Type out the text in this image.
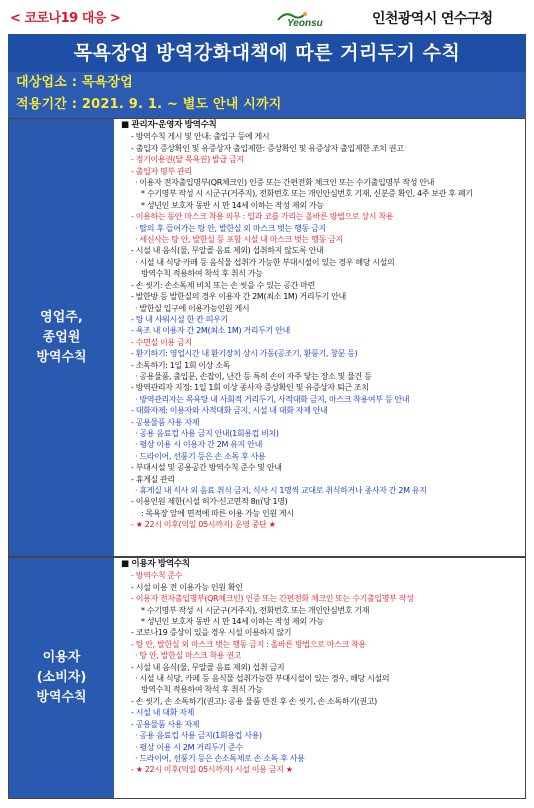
< 코로나19 대응 >	Yeonsu	인천광역시 연수구청
목욕장업 방역강화대책에 따른 거리두기 수칙
대상업소 : 목욕장업
적용기간 : 2021. 9. 1. ~ 별도 안내 시까지
영업주,
종업원
방역수칙
■ 관리자·운영자 방역수칙
- 방역수칙 게시 및 안내: 출입구 등에 게시
- 출입자 증상확인 및 유증상자 출입제한: 증상확인 및 유증상자 출입제한 조치 권고
- 정기이용권(달 목욕권) 발급 금지
- 출입자 명부 관리
· 이용자 전자출입명부(QR체크인) 인증 또는 간편전화 체크인 또는 수기출입명부 작성 안내
* 수기명부 작성 시 시군구(거주지), 전화번호 또는 개인안심번호 기재, 신분증 확인, 4주 보관 후 폐기
* 성년인 보호자 동반 시 만 14세 이하는 작성 제외 가능
- 이용하는 동안 마스크 착용 의무 : 입과 코를 가리는 올바른 방법으로 상시 착용
· 탈의 후 들어가는 탕 안, 발한실 외 마스크 벗는 행동 금지
· 세신사는 탕 안, 발한실 등 포함 시설 내 마스크 벗는 행동 금지
- 시설 내 음식(물, 무알콜 음료 제외) 섭취하지 않도록 안내
· 시설 내 식당·카페 등 음식물 섭취가 가능한 부대시설이 있는 경우 해당 시설의
방역수칙 적용하여 착석 후 취식 가능
- 손 씻기: 손소독제 비치 또는 손 씻을 수 있는 공간 마련
- 발한방 등 발한실의 경우 이용자 간 2M(최소 1M) 거리두기 안내
· 발한실 입구에 이용가능인원 게시
- 탕 내 샤워시설 한 칸 띄우기
- 욕조 내 이용자 간 2M(최소 1M) 거리두기 안내
- 수면실 이용 금지
- 환기하기: 영업시간 내 환기장치 상시 가동(공조기, 환풍기, 창문 등)
- 소독하기: 1일 1회 이상 소독
· 공용물품, 출입문, 손잡이, 난간 등 특히 손이 자주 닿는 장소 및 물건 등
- 방역관리자 지정: 1일 1회 이상 종사자 증상확인 및 유증상자 퇴근 조치
· 방역관리자는 목욕탕 내 사회적 거리두기, 사적대화 금지, 마스크 착용여부 등 안내
- 대화자제: 이용자와 사적대화 금지, 시설 내 대화 자제 안내
- 공용물품 사용 자제
· 공용 음료컵 사용 금지 안내(1회용컵 비치)
· 평상 이용 시 이용자 간 2M 유지 안내
· 드라이어, 선풍기 등은 손 소독 후 사용
- 부대시설 및 공용공간 방역수칙 준수 및 안내
- 휴게실 관리
· 휴게실 내 식사 외 음료 취식 금지, 식사 시 1명씩 교대로 취식하거나 종사자 간 2M 유지
- 이용인원 제한(시설 허가·신고면적 8㎡당 1명)
: 목욕장 앞에 면적에 따른 이용 가능 인원 게시
- ★ 22시 이후(익일 05시까지) 운영 중단 ★
이용자
(소비자)
방역수칙
■ 이용자 방역수칙
- 방역수칙 준수
- 시설 이용 전 이용가능 인원 확인
- 이용자 전자출입명부(QR체크인) 인증 또는 간편전화 체크인 또는 수기출입명부 작성
* 수기명부 작성 시 시군구(거주지), 전화번호 또는 개인안심번호 기재
* 성년인 보호자 동반 시 만 14세 이하는 작성 제외 가능
- 코로나19 증상이 있을 경우 시설 이용하지 않기
- 탕 안, 발한실 외 마스크 벗는 행동 금지 : 올바른 방법으로 마스크 착용
· 탕 안, 발한실 마스크 착용 권고
- 시설 내 음식(물, 무알콜 음료 제외) 섭취 금지
· 시설 내 식당, 카페 등 음식물 섭취가능한 부대시설이 있는 경우, 해당 시설의
방역수칙 적용하여 착석 후 취식 가능
- 손 씻기, 손 소독하기(권고): 공용 물품 만진 후 손 씻기, 손 소독하기(권고)
- 시설 내 대화 자제
- 공용물품 사용 자제
· 공용 음료컵 사용 금지(1회용컵 사용)
· 평상 이용 시 2M 거리두기 준수
· 드라이어, 선풍기 등은 손소독제로 손 소독 후 사용
- ★ 22시 이후(익일 05시까지) 시설 이용 금지 ★
